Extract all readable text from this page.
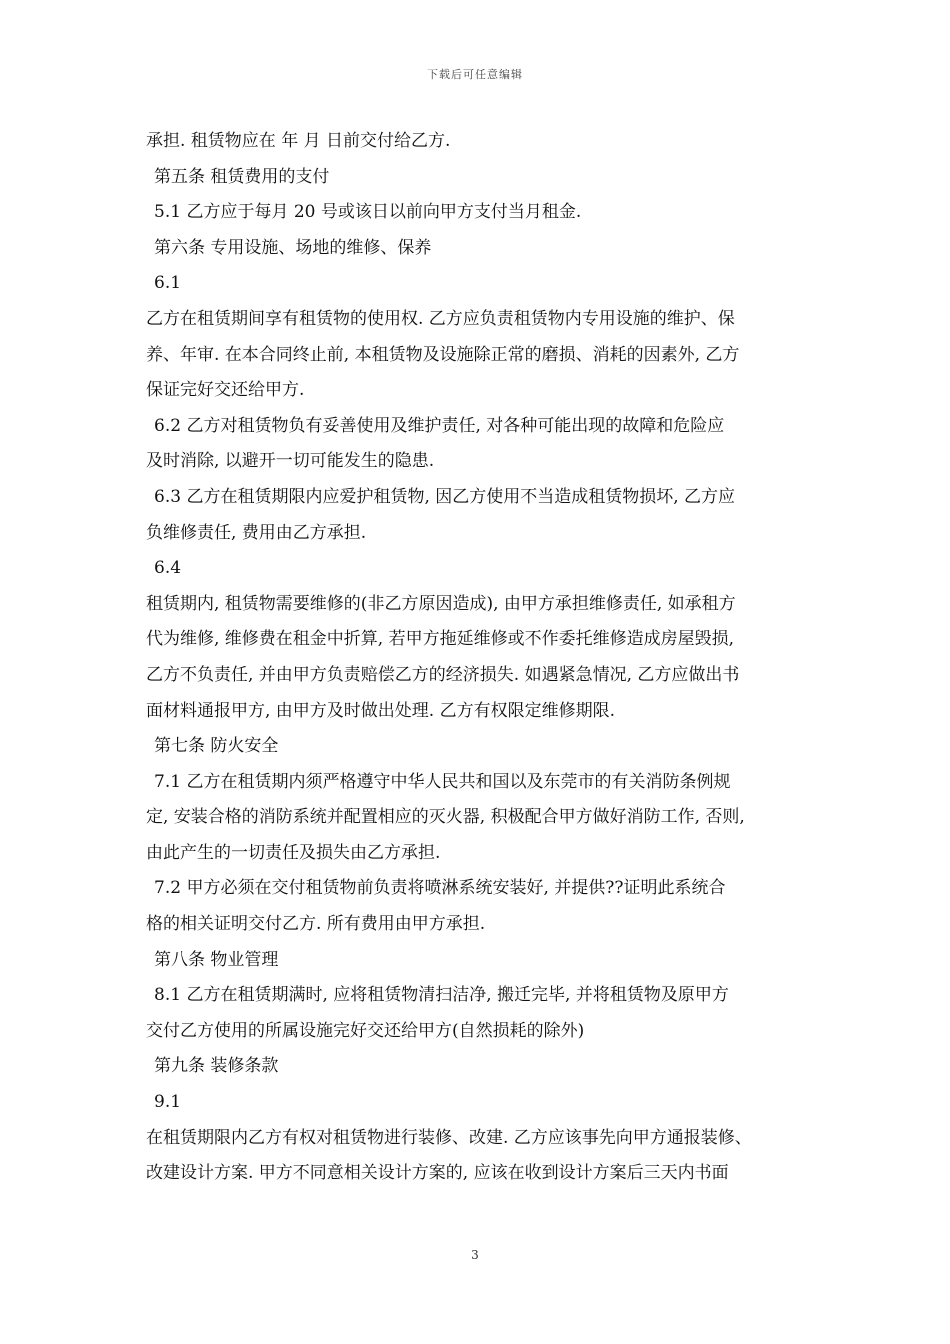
下载后可任意编辑
承担. 租赁物应在 年 月 日前交付给乙方.
第五条 租赁费用的支付
5.1 乙方应于每月 20 号或该日以前向甲方支付当月租金.
第六条 专用设施、场地的维修、保养
6.1
乙方在租赁期间享有租赁物的使用权. 乙方应负责租赁物内专用设施的维护、保
养、年审. 在本合同终止前, 本租赁物及设施除正常的磨损、消耗的因素外, 乙方
保证完好交还给甲方.
6.2 乙方对租赁物负有妥善使用及维护责任, 对各种可能出现的故障和危险应
及时消除, 以避开一切可能发生的隐患.
6.3 乙方在租赁期限内应爱护租赁物, 因乙方使用不当造成租赁物损坏, 乙方应
负维修责任, 费用由乙方承担.
6.4
租赁期内, 租赁物需要维修的(非乙方原因造成), 由甲方承担维修责任, 如承租方
代为维修, 维修费在租金中折算, 若甲方拖延维修或不作委托维修造成房屋毁损,
乙方不负责任, 并由甲方负责赔偿乙方的经济损失. 如遇紧急情况, 乙方应做出书
面材料通报甲方, 由甲方及时做出处理. 乙方有权限定维修期限.
第七条 防火安全
7.1 乙方在租赁期内须严格遵守中华人民共和国以及东莞市的有关消防条例规
定, 安装合格的消防系统并配置相应的灭火器, 积极配合甲方做好消防工作, 否则,
由此产生的一切责任及损失由乙方承担.
7.2 甲方必须在交付租赁物前负责将喷淋系统安装好, 并提供??证明此系统合
格的相关证明交付乙方. 所有费用由甲方承担.
第八条 物业管理
8.1 乙方在租赁期满时, 应将租赁物清扫洁净, 搬迁完毕, 并将租赁物及原甲方
交付乙方使用的所属设施完好交还给甲方(自然损耗的除外)
第九条 装修条款
9.1
在租赁期限内乙方有权对租赁物进行装修、改建. 乙方应该事先向甲方通报装修、
改建设计方案. 甲方不同意相关设计方案的, 应该在收到设计方案后三天内书面
3
